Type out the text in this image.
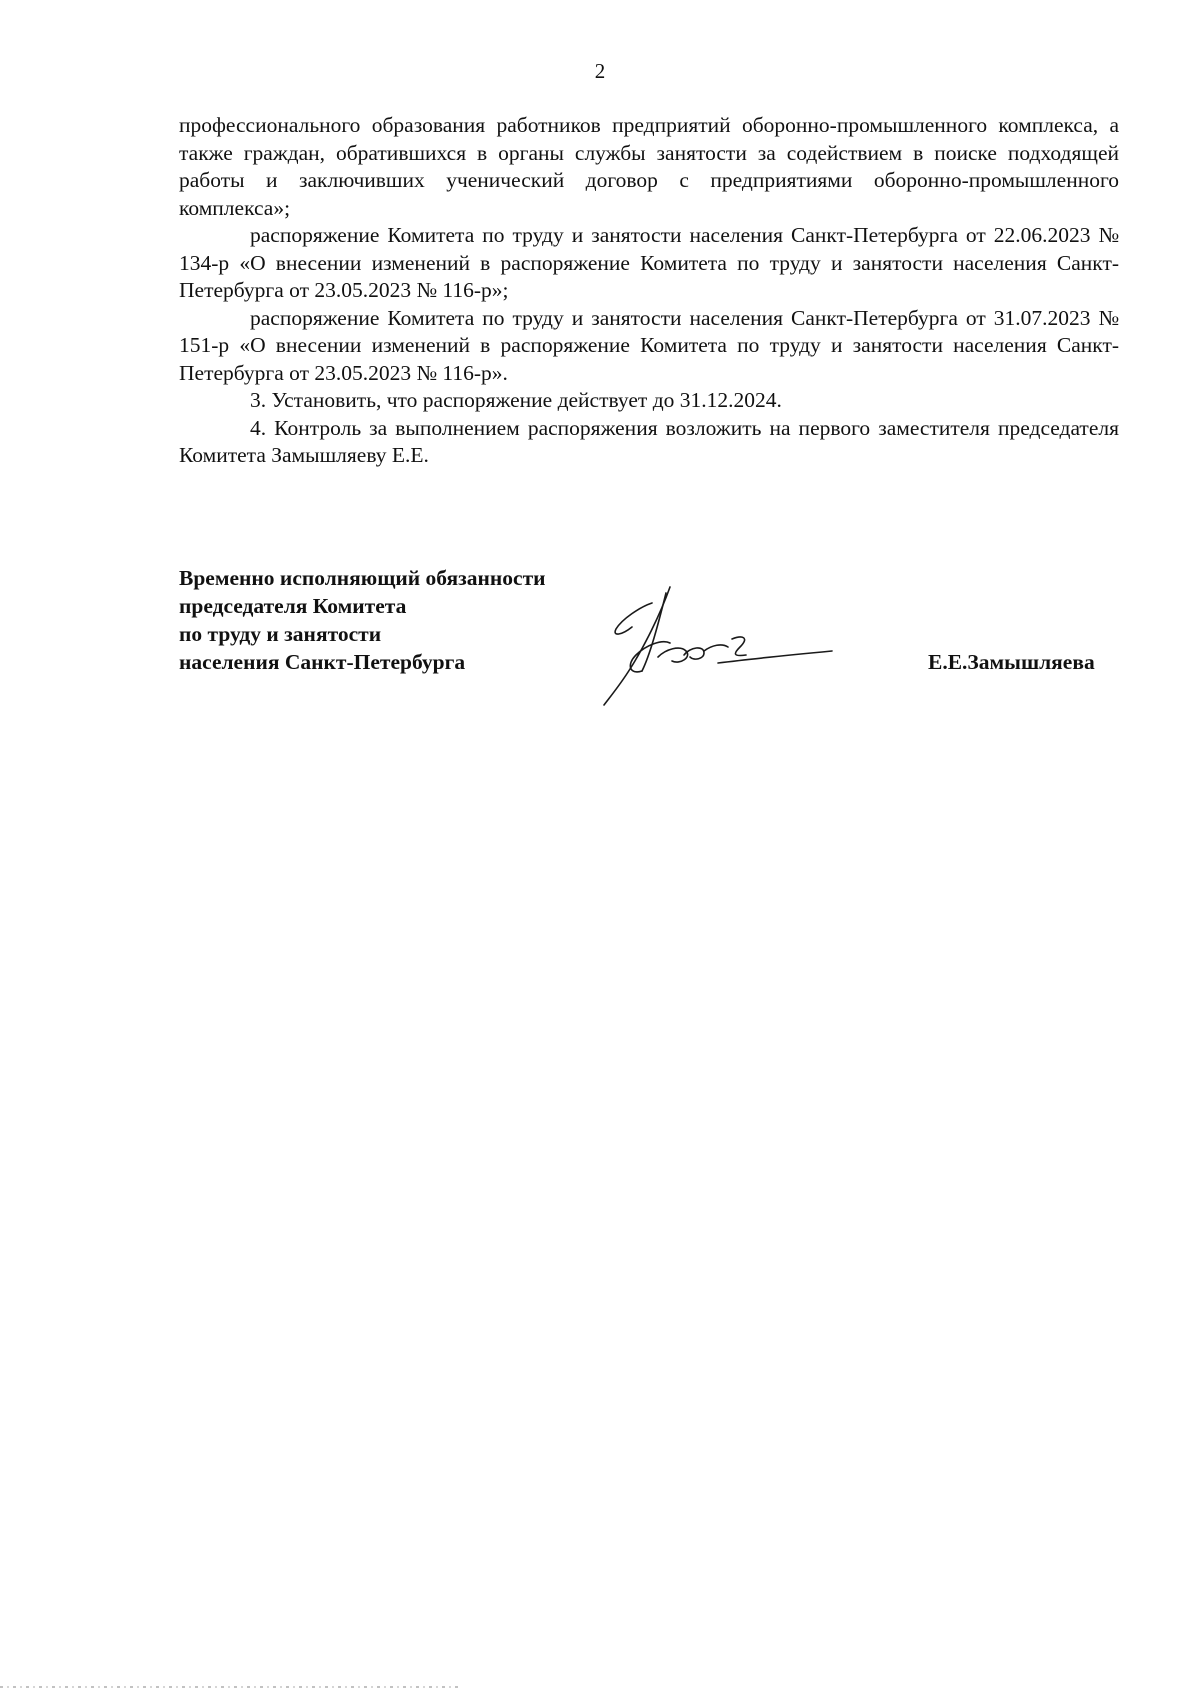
2

профессионального образования работников предприятий оборонно-промышленного комплекса, а также граждан, обратившихся в органы службы занятости за содействием в поиске подходящей работы и заключивших ученический договор с предприятиями оборонно-промышленного комплекса»;

распоряжение Комитета по труду и занятости населения Санкт-Петербурга от 22.06.2023 № 134-р «О внесении изменений в распоряжение Комитета по труду и занятости населения Санкт-Петербурга от 23.05.2023 № 116-р»;

распоряжение Комитета по труду и занятости населения Санкт-Петербурга от 31.07.2023 № 151-р «О внесении изменений в распоряжение Комитета по труду и занятости населения Санкт-Петербурга от 23.05.2023 № 116-р».

3. Установить, что распоряжение действует до 31.12.2024.

4. Контроль за выполнением распоряжения возложить на первого заместителя председателя Комитета Замышляеву Е.Е.

Временно исполняющий обязанности
председателя Комитета
по труду и занятости
населения Санкт-Петербурга	Е.Е.Замышляева
